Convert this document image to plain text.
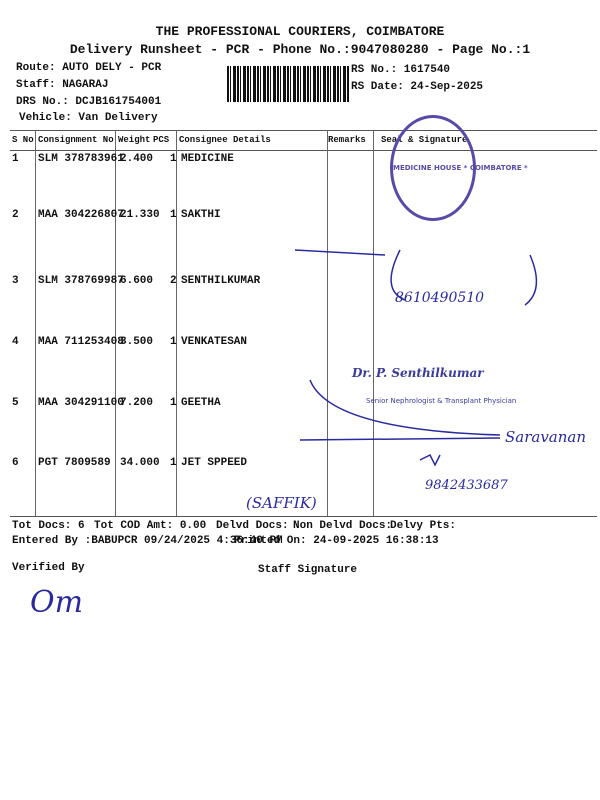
THE PROFESSIONAL COURIERS, COIMBATORE
Delivery Runsheet - PCR - Phone No.:9047080280 - Page No.:1
Route: AUTO DELY - PCR
Staff: NAGARAJ
DRS No.: DCJB161754001
Vehicle: Van Delivery
RS No.: 1617540
RS Date: 24-Sep-2025
S No Consignment No Weight PCS Consignee Details	Remarks Seal & Signature
1 SLM 378783961
2.400 1 MEDICINE
2 MAA 304226807
21.330 1 SAKTHI
3 SLM 378769987
6.600 2 SENTHILKUMAR
4 MAA 711253408
3.500 1 VENKATESAN
5 MAA 304291100
7.200 1 GEETHA
6 PGT 7809589 34.000 1 JET SPPEED
8610490510
9842433687
Saravanan
(SAFFIK)
Om
MEDICINE HOUSE * COIMBATORE *
Dr. P. Senthilkumar
Senior Nephrologist & Transplant Physician
Tot Docs: 6 Tot COD Amt: 0.00 Delvd Docs: Non Delvd Docs:
Delvy Pts:
Entered By :BABUPCR 09/24/2025 4:36:40 PM
Printed On: 24-09-2025 16:38:13
Verified By	Staff Signature
